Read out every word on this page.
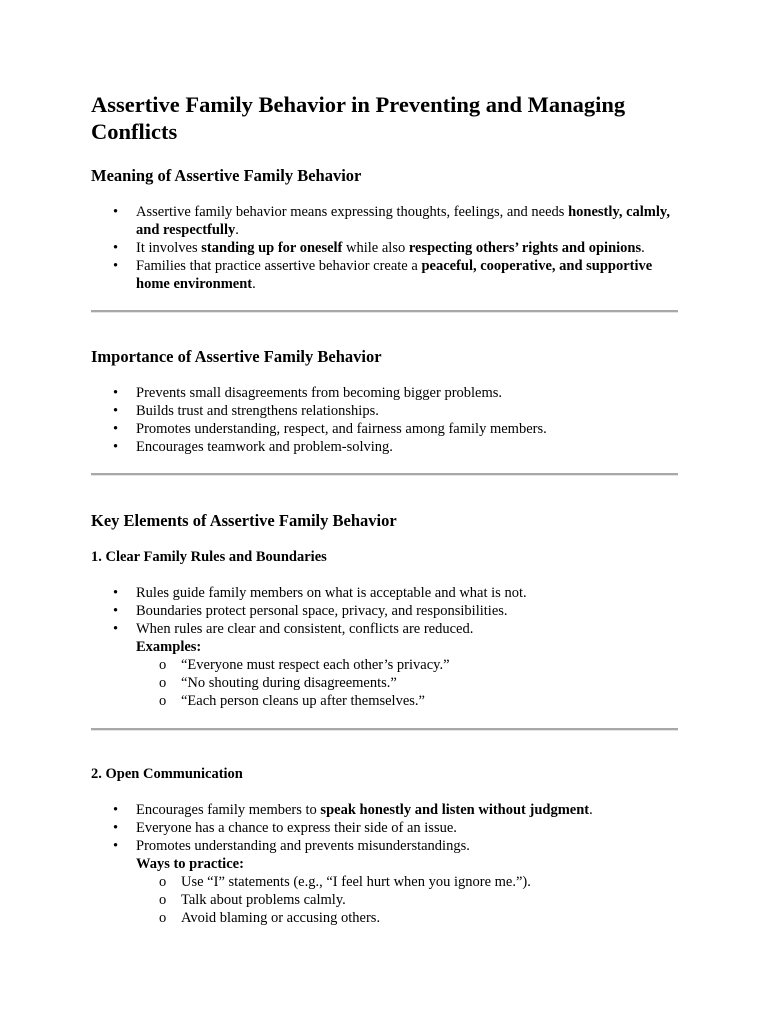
Assertive Family Behavior in Preventing and Managing Conflicts
Meaning of Assertive Family Behavior
• Assertive family behavior means expressing thoughts, feelings, and needs honestly, calmly, and respectfully.
• It involves standing up for oneself while also respecting others’ rights and opinions.
• Families that practice assertive behavior create a peaceful, cooperative, and supportive home environment.
Importance of Assertive Family Behavior
• Prevents small disagreements from becoming bigger problems.
• Builds trust and strengthens relationships.
• Promotes understanding, respect, and fairness among family members.
• Encourages teamwork and problem-solving.
Key Elements of Assertive Family Behavior
1. Clear Family Rules and Boundaries
• Rules guide family members on what is acceptable and what is not.
• Boundaries protect personal space, privacy, and responsibilities.
• When rules are clear and consistent, conflicts are reduced.
Examples:
o “Everyone must respect each other’s privacy.”
o “No shouting during disagreements.”
o “Each person cleans up after themselves.”
2. Open Communication
• Encourages family members to speak honestly and listen without judgment.
• Everyone has a chance to express their side of an issue.
• Promotes understanding and prevents misunderstandings.
Ways to practice:
o Use “I” statements (e.g., “I feel hurt when you ignore me.”).
o Talk about problems calmly.
o Avoid blaming or accusing others.
